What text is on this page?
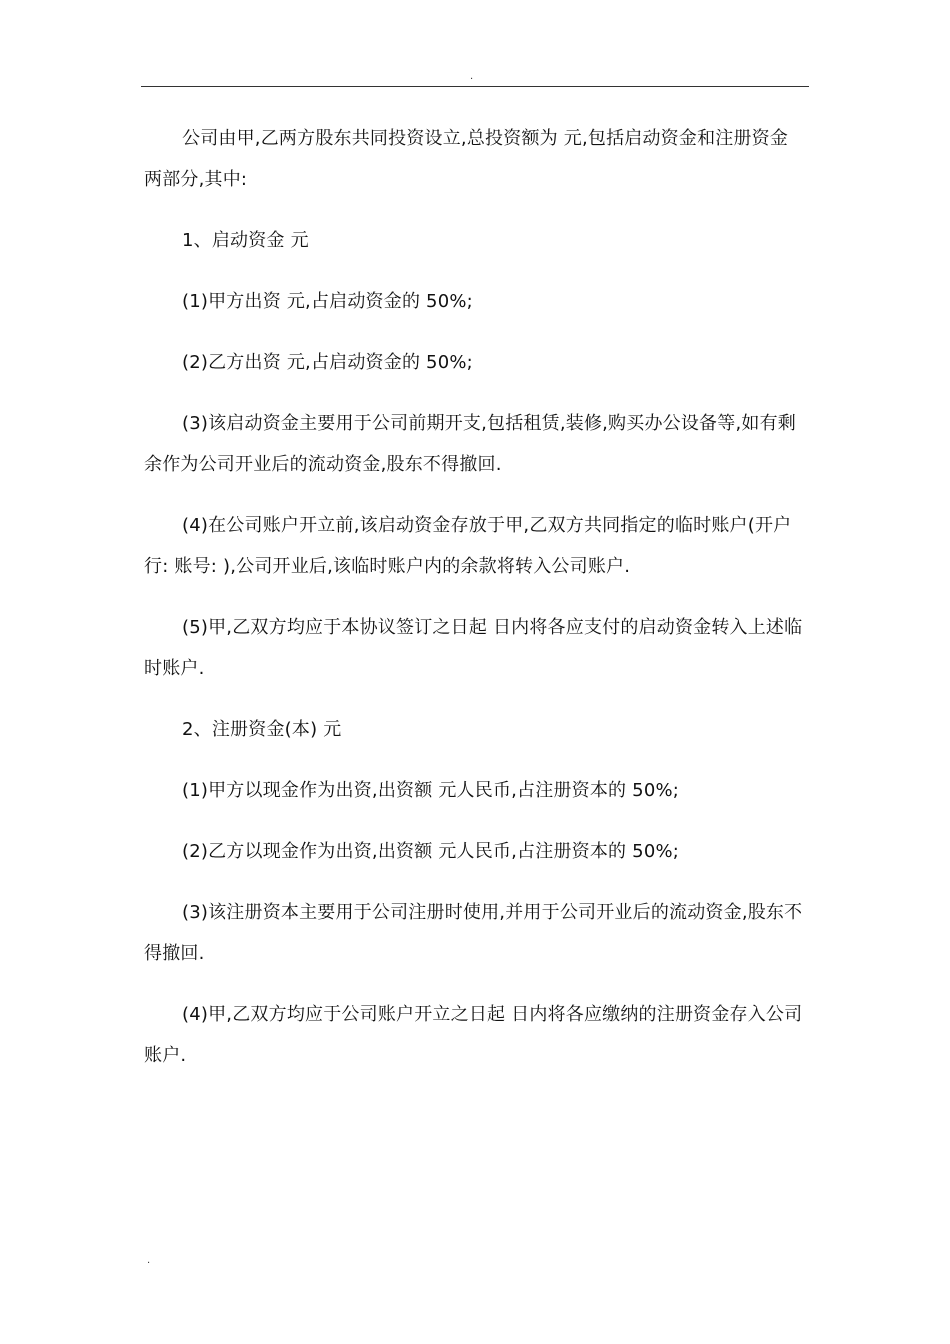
.

公司由甲,乙两方股东共同投资设立,总投资额为 元,包括启动资金和注册资金两部分,其中:

1、启动资金 元

(1)甲方出资 元,占启动资金的 50%;

(2)乙方出资 元,占启动资金的 50%;

(3)该启动资金主要用于公司前期开支,包括租赁,装修,购买办公设备等,如有剩余作为公司开业后的流动资金,股东不得撤回.

(4)在公司账户开立前,该启动资金存放于甲,乙双方共同指定的临时账户(开户行: 账号: ),公司开业后,该临时账户内的余款将转入公司账户.

(5)甲,乙双方均应于本协议签订之日起 日内将各应支付的启动资金转入上述临时账户.

2、注册资金(本) 元

(1)甲方以现金作为出资,出资额 元人民币,占注册资本的 50%;

(2)乙方以现金作为出资,出资额 元人民币,占注册资本的 50%;

(3)该注册资本主要用于公司注册时使用,并用于公司开业后的流动资金,股东不得撤回.

(4)甲,乙双方均应于公司账户开立之日起 日内将各应缴纳的注册资金存入公司账户.

.
